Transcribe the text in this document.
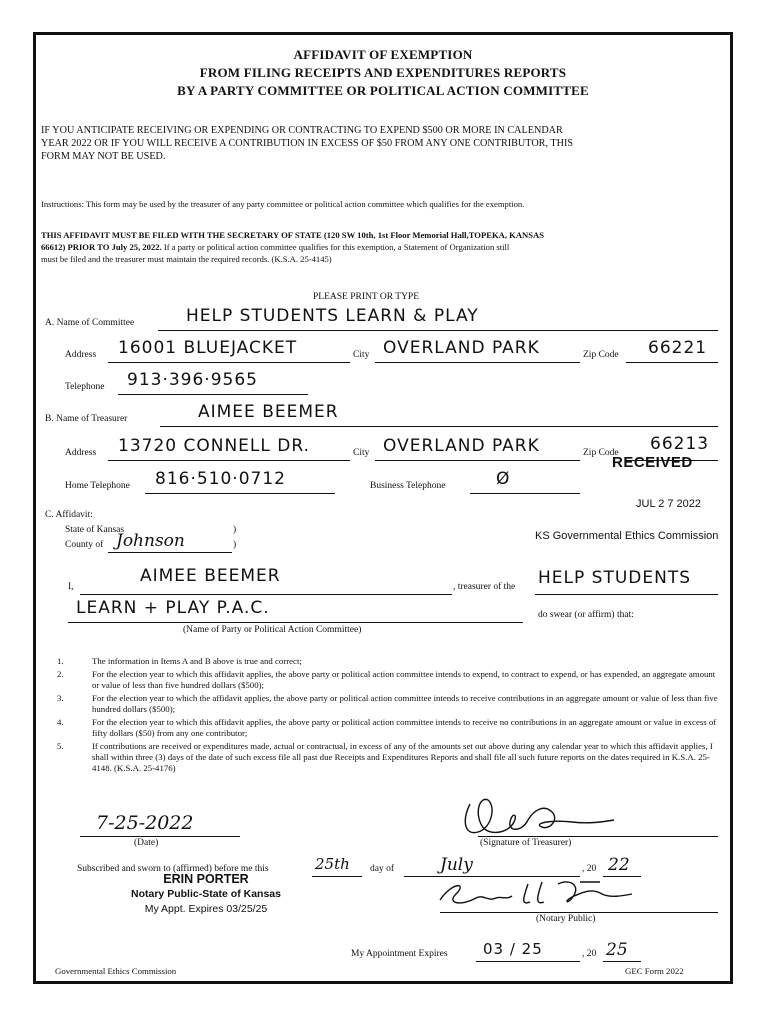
AFFIDAVIT OF EXEMPTION
FROM FILING RECEIPTS AND EXPENDITURES REPORTS
BY A PARTY COMMITTEE OR POLITICAL ACTION COMMITTEE
IF YOU ANTICIPATE RECEIVING OR EXPENDING OR CONTRACTING TO EXPEND $500 OR MORE IN CALENDAR
YEAR 2022 OR IF YOU WILL RECEIVE A CONTRIBUTION IN EXCESS OF $50 FROM ANY ONE CONTRIBUTOR, THIS
FORM MAY NOT BE USED.
Instructions: This form may be used by the treasurer of any party committee or political action committee which qualifies for the exemption.
THIS AFFIDAVIT MUST BE FILED WITH THE SECRETARY OF STATE (120 SW 10th, 1st Floor Memorial Hall,TOPEKA, KANSAS
66612) PRIOR TO July 25, 2022. If a party or political action committee qualifies for this exemption, a Statement of Organization still
must be filed and the treasurer must maintain the required records. (K.S.A. 25-4145)
PLEASE PRINT OR TYPE
A. Name of Committee	HELP STUDENTS LEARN & PLAY
Address 16001 BLUEJACKET	City OVERLAND PARK	Zip Code 66221
Telephone 913·396·9565
B. Name of Treasurer	AIMEE BEEMER
Address 13720 CONNELL DR.	City OVERLAND PARK	Zip Code 66213
Home Telephone 816·510·0712	Business Telephone	Ø
RECEIVED
JUL 2 7 2022
KS Governmental Ethics Commission
C. Affidavit:
State of Kansas	)
County of Johnson	)
I,
AIMEE BEEMER
, treasurer of the HELP STUDENTS
LEARN + PLAY P.A.C.	do swear (or affirm) that:
(Name of Party or Political Action Committee)
1.	The information in Items A and B above is true and correct;
2.	For the election year to which this affidavit applies, the above party or political action committee intends to expend, to contract to expend, or has expended, an aggregate amount or value of less than five hundred dollars ($500);
3.	For the election year to which the affidavit applies, the above party or political action committee intends to receive contributions in an aggregate amount or value of less than five hundred dollars ($500);
4.	For the election year to which this affidavit applies, the above party or political action committee intends to receive no contributions in an aggregate amount or value in excess of fifty dollars ($50) from any one contributor;
5.	If contributions are received or expenditures made, actual or contractual, in excess of any of the amounts set out above during any calendar year to which this affidavit applies, I shall within three (3) days of the date of such excess file all past due Receipts and Expenditures Reports and shall file all such future reports on the dates required in K.S.A. 25-4148. (K.S.A. 25-4176)
7-25-2022
(Date)	(Signature of Treasurer)
Subscribed and sworn to (affirmed) before me this	25th day of	July	, 20 22
ERIN PORTER
Notary Public-State of Kansas
My Appt. Expires 03/25/25
(Notary Public)
My Appointment Expires 03 / 25	, 20 25
Governmental Ethics Commission	GEC Form 2022
